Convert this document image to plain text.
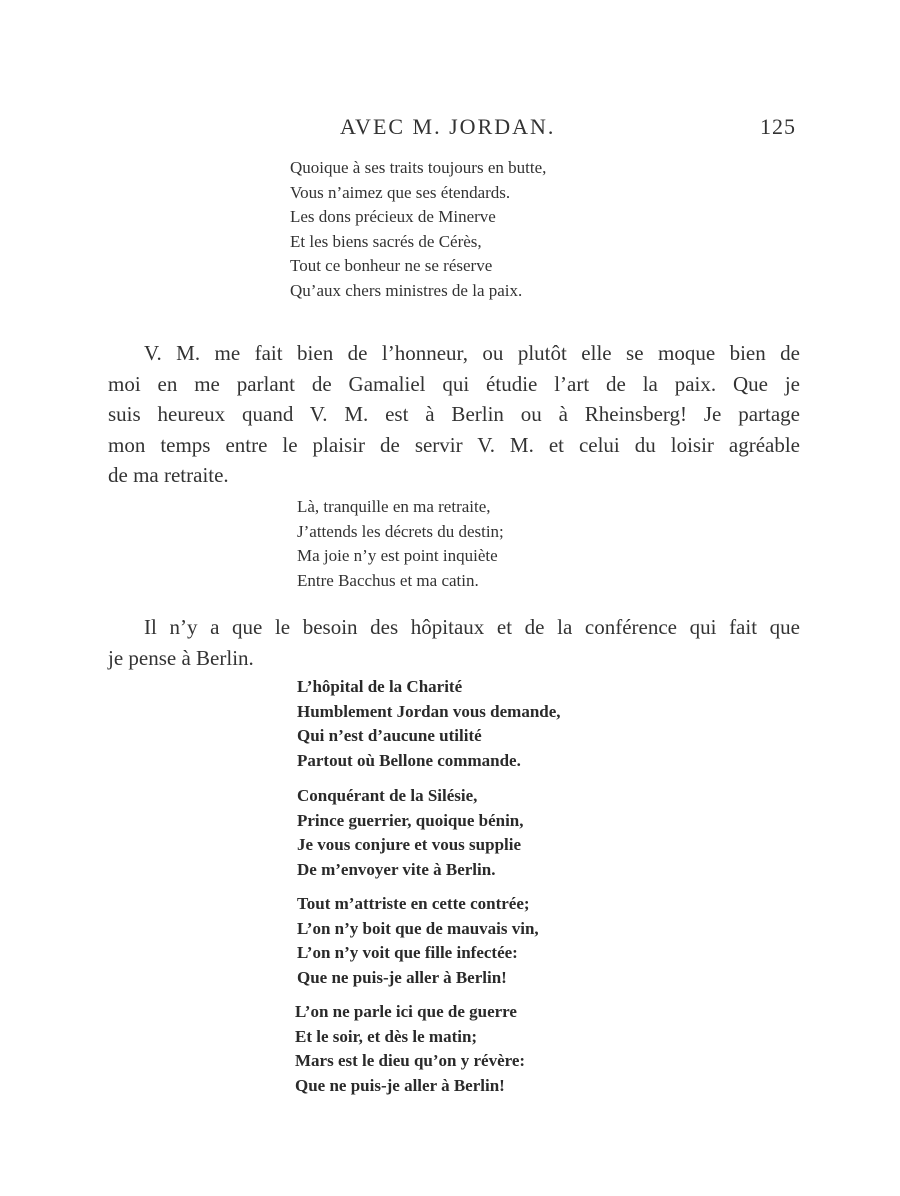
AVEC M. JORDAN.	125
Quoique à ses traits toujours en butte,
Vous n’aimez que ses étendards.
Les dons précieux de Minerve
Et les biens sacrés de Cérès,
Tout ce bonheur ne se réserve
Qu’aux chers ministres de la paix.
V. M. me fait bien de l’honneur, ou plutôt elle se moque bien de
moi en me parlant de Gamaliel qui étudie l’art de la paix. Que je
suis heureux quand V. M. est à Berlin ou à Rheinsberg! Je partage
mon temps entre le plaisir de servir V. M. et celui du loisir agréable
de ma retraite.
Là, tranquille en ma retraite,
J’attends les décrets du destin;
Ma joie n’y est point inquiète
Entre Bacchus et ma catin.
Il n’y a que le besoin des hôpitaux et de la conférence qui fait que
je pense à Berlin.
L’hôpital de la Charité
Humblement Jordan vous demande,
Qui n’est d’aucune utilité
Partout où Bellone commande.
Conquérant de la Silésie,
Prince guerrier, quoique bénin,
Je vous conjure et vous supplie
De m’envoyer vite à Berlin.
Tout m’attriste en cette contrée;
L’on n’y boit que de mauvais vin,
L’on n’y voit que fille infectée:
Que ne puis-je aller à Berlin!
L’on ne parle ici que de guerre
Et le soir, et dès le matin;
Mars est le dieu qu’on y révère:
Que ne puis-je aller à Berlin!
